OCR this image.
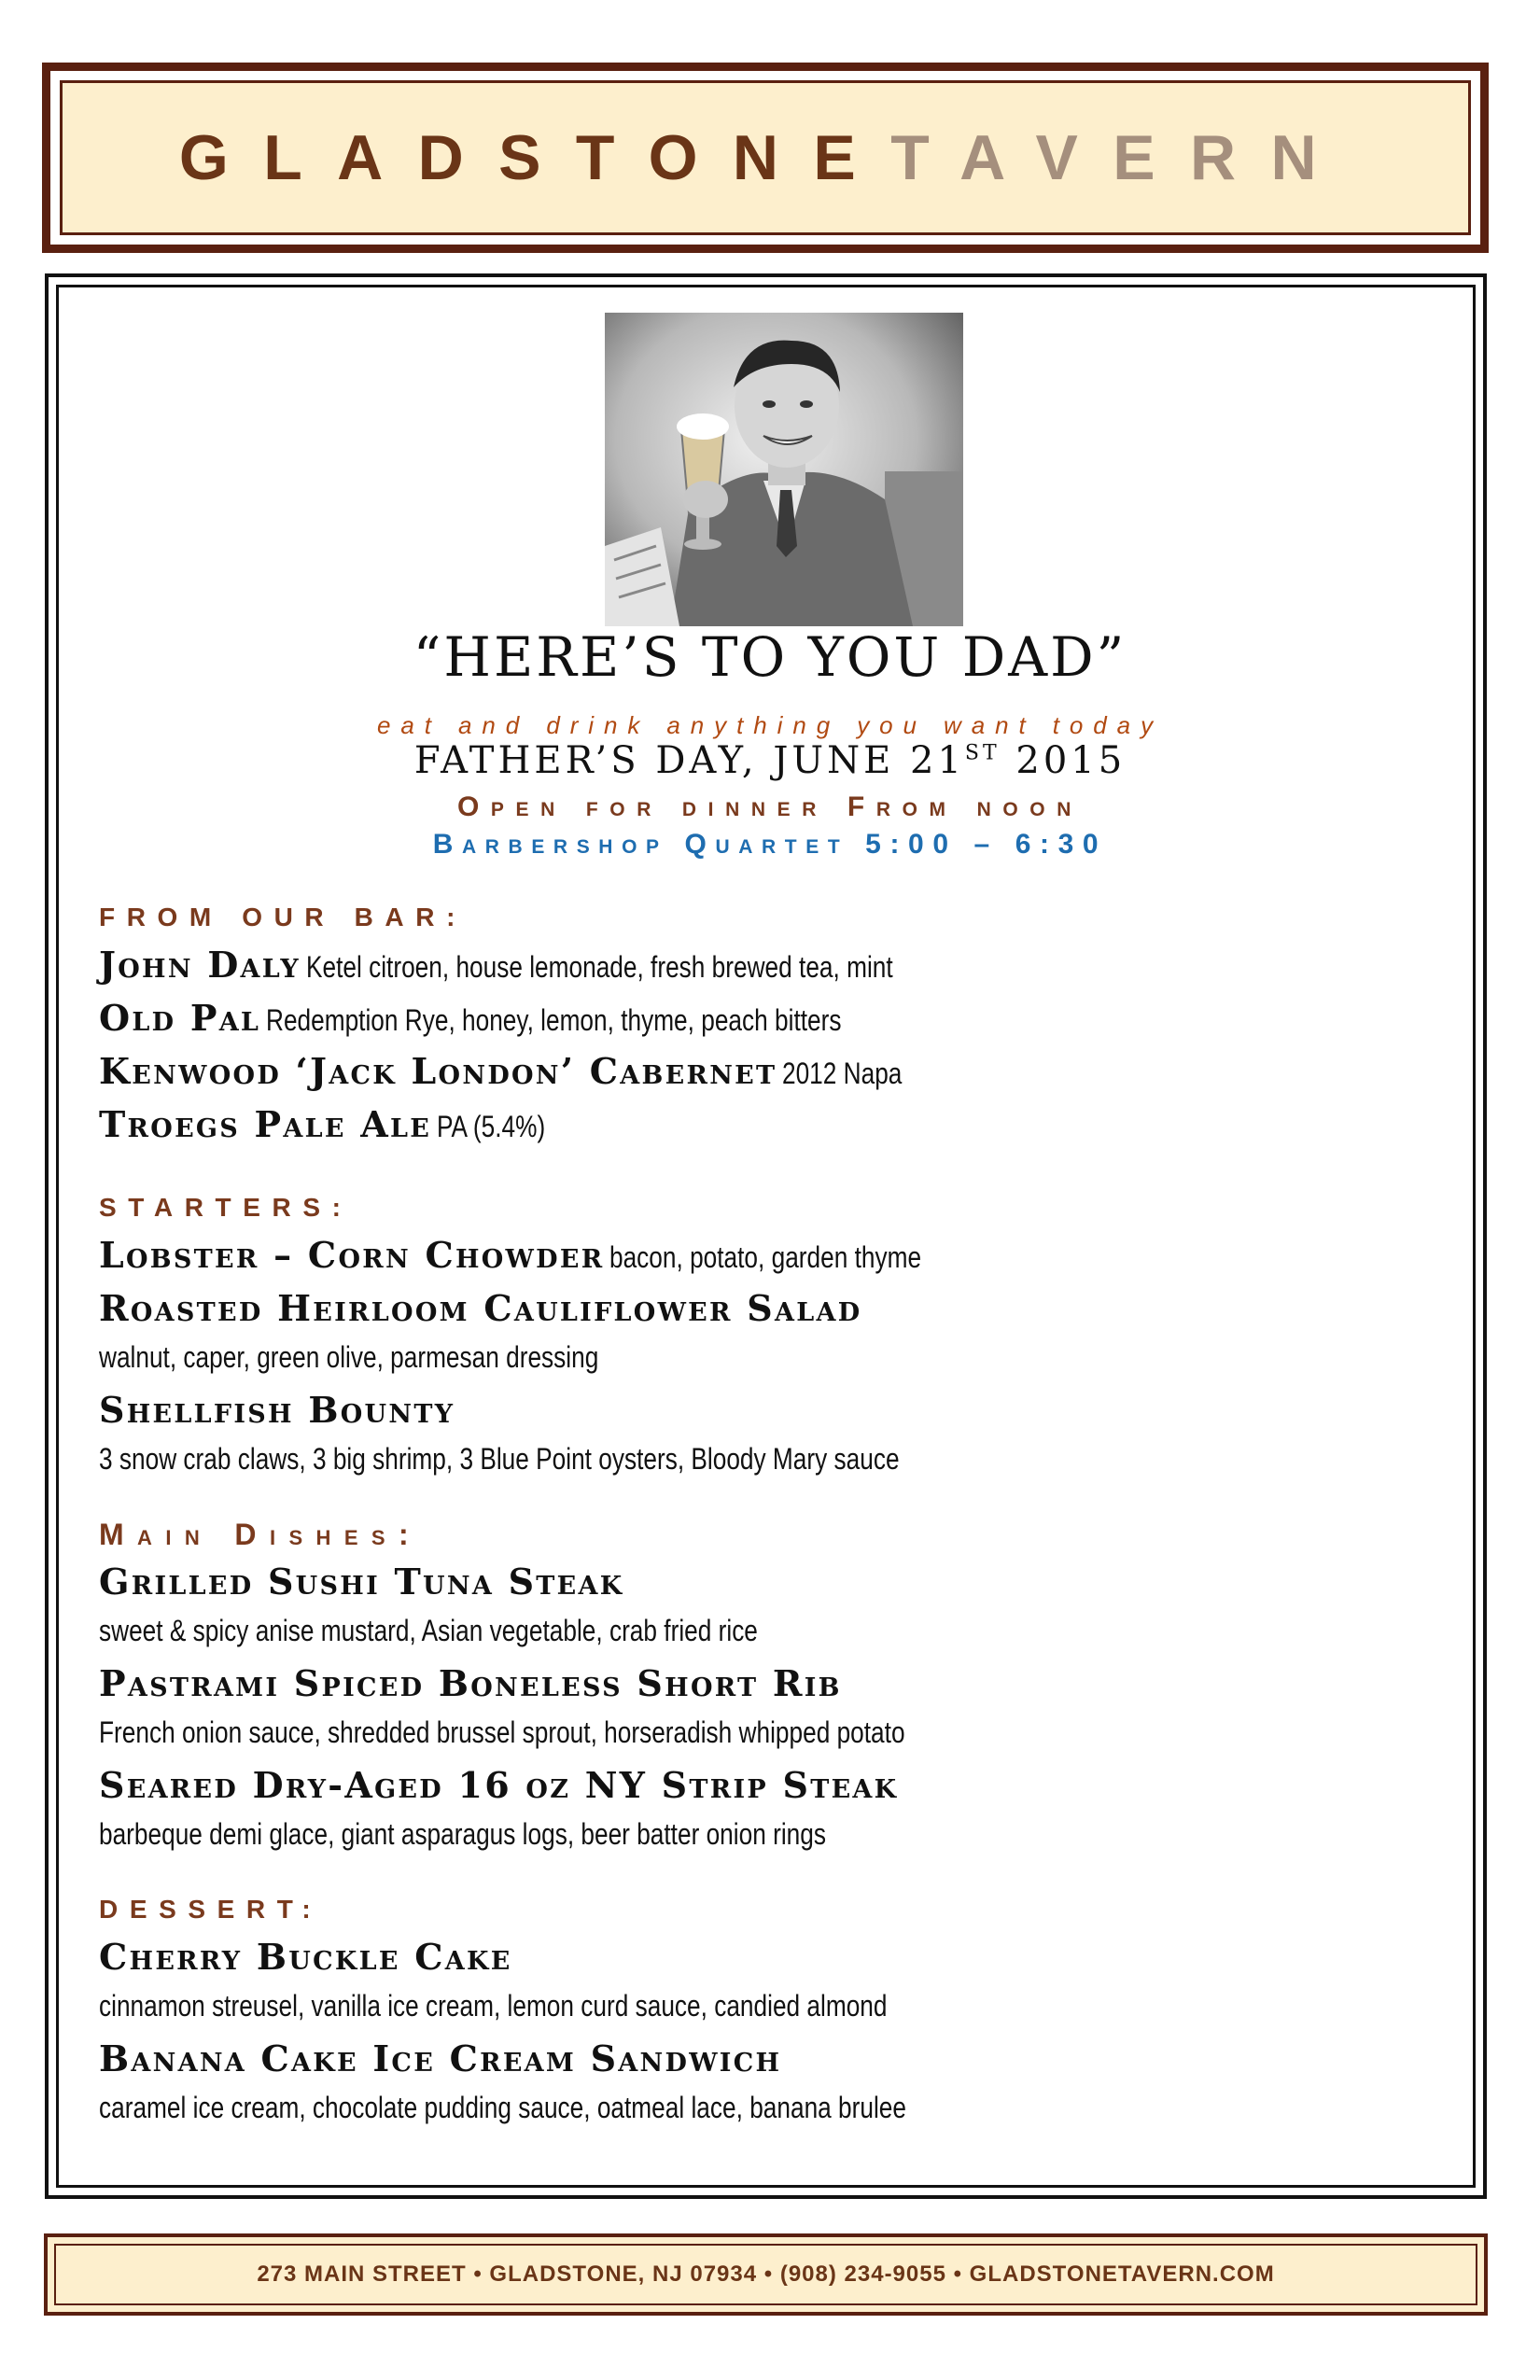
GLADSTONETAVERN
“HERE’S TO YOU DAD”
eat and drink anything you want today
FATHER’S DAY, JUNE 21ST 2015
Open for dinner From noon
Barbershop Quartet 5:00 – 6:30
FROM OUR BAR:
John Daly Ketel citroen, house lemonade, fresh brewed tea, mint
Old Pal Redemption Rye, honey, lemon, thyme, peach bitters
Kenwood ‘Jack London’ Cabernet 2012 Napa
Troegs Pale Ale PA (5.4%)
STARTERS:
Lobster – Corn Chowder bacon, potato, garden thyme
Roasted Heirloom Cauliflower Salad
walnut, caper, green olive, parmesan dressing
Shellfish Bounty
3 snow crab claws, 3 big shrimp, 3 Blue Point oysters, Bloody Mary sauce
Main Dishes:
Grilled Sushi Tuna Steak
sweet & spicy anise mustard, Asian vegetable, crab fried rice
Pastrami Spiced Boneless Short Rib
French onion sauce, shredded brussel sprout, horseradish whipped potato
Seared Dry-Aged 16 oz NY Strip Steak
barbeque demi glace, giant asparagus logs, beer batter onion rings
DESSERT:
Cherry Buckle Cake
cinnamon streusel, vanilla ice cream, lemon curd sauce, candied almond
Banana Cake Ice Cream Sandwich
caramel ice cream, chocolate pudding sauce, oatmeal lace, banana brulee
273 MAIN STREET • GLADSTONE, NJ 07934 • (908) 234-9055 • GLADSTONETAVERN.COM
